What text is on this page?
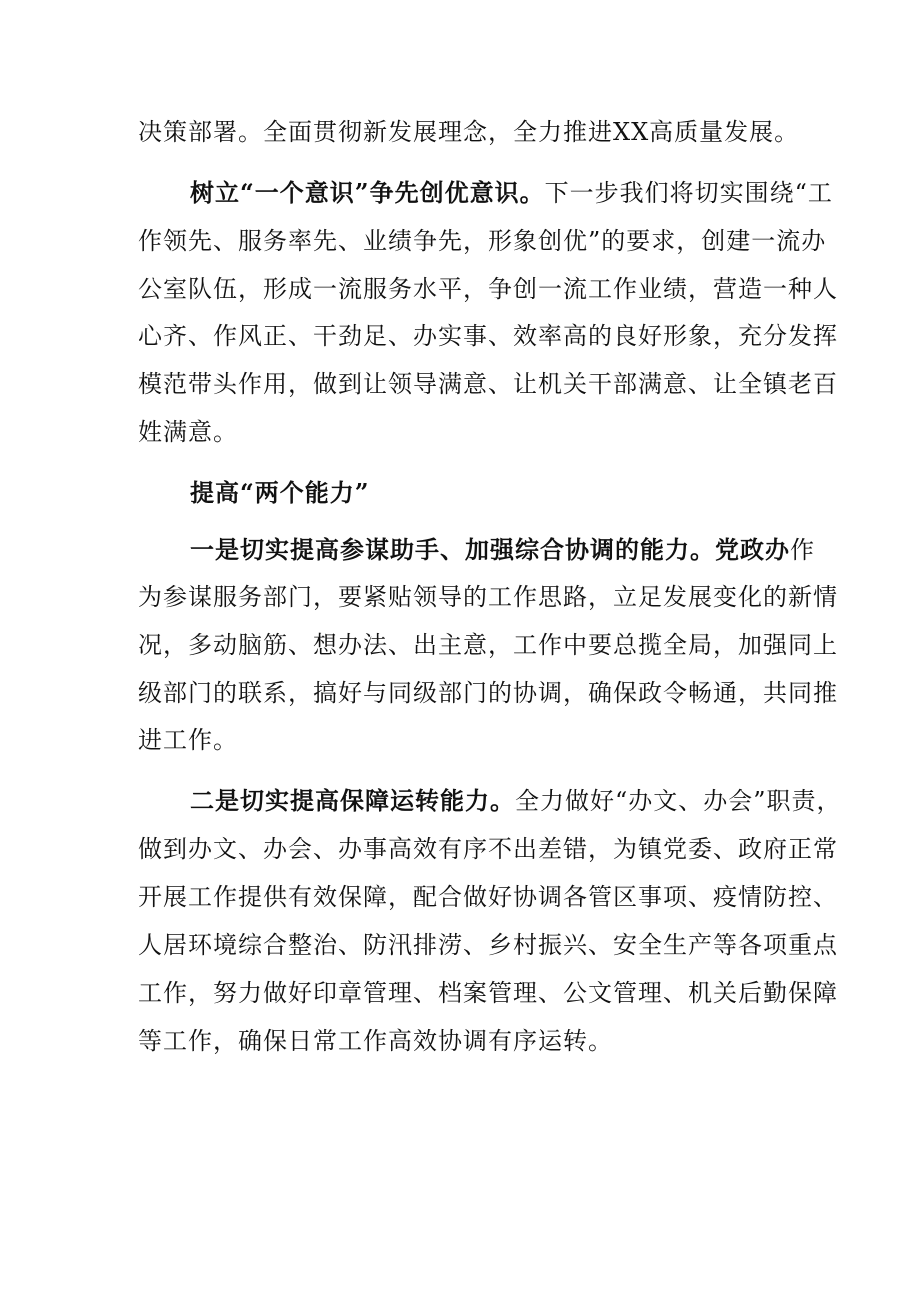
决策部署。全面贯彻新发展理念，全力推进XX高质量发展。
树立“一个意识”争先创优意识。下一步我们将切实围绕“工
作领先、服务率先、业绩争先，形象创优”的要求，创建一流办
公室队伍，形成一流服务水平，争创一流工作业绩，营造一种人
心齐、作风正、干劲足、办实事、效率高的良好形象，充分发挥
模范带头作用，做到让领导满意、让机关干部满意、让全镇老百
姓满意。
提高“两个能力”
一是切实提高参谋助手、加强综合协调的能力。党政办作
为参谋服务部门，要紧贴领导的工作思路，立足发展变化的新情
况，多动脑筋、想办法、出主意，工作中要总揽全局，加强同上
级部门的联系，搞好与同级部门的协调，确保政令畅通，共同推
进工作。
二是切实提高保障运转能力。全力做好“办文、办会”职责，
做到办文、办会、办事高效有序不出差错，为镇党委、政府正常
开展工作提供有效保障，配合做好协调各管区事项、疫情防控、
人居环境综合整治、防汛排涝、乡村振兴、安全生产等各项重点
工作，努力做好印章管理、档案管理、公文管理、机关后勤保障
等工作，确保日常工作高效协调有序运转。
